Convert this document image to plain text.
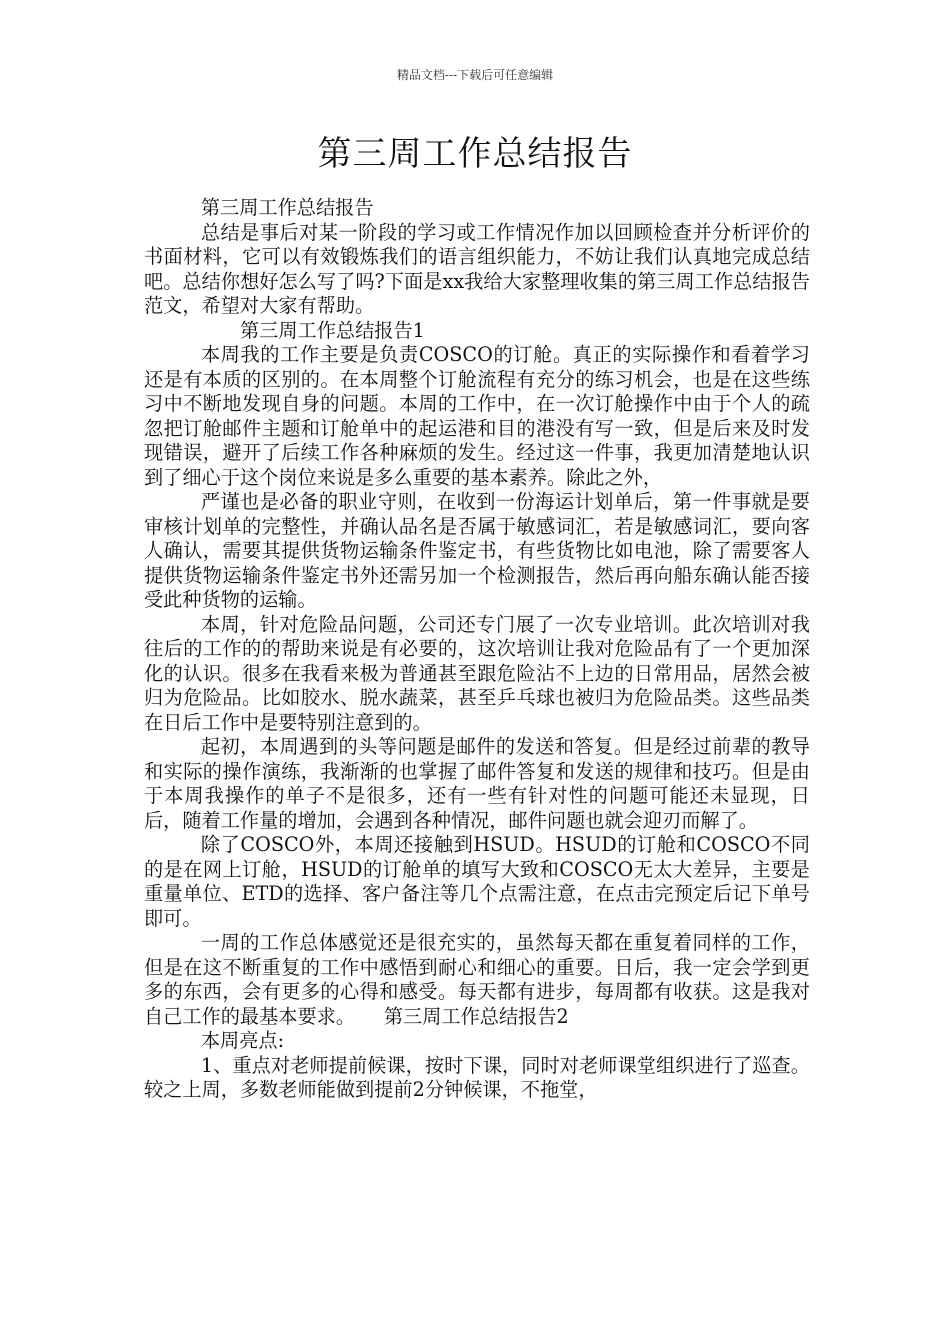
精品文档---下载后可任意编辑
第三周工作总结报告

第三周工作总结报告

总结是事后对某一阶段的学习或工作情况作加以回顾检查并分析评价的书面材料，它可以有效锻炼我们的语言组织能力，不妨让我们认真地完成总结吧。总结你想好怎么写了吗?下面是xx我给大家整理收集的第三周工作总结报告范文，希望对大家有帮助。

第三周工作总结报告1

本周我的工作主要是负责COSCO的订舱。真正的实际操作和看着学习还是有本质的区别的。在本周整个订舱流程有充分的练习机会，也是在这些练习中不断地发现自身的问题。本周的工作中，在一次订舱操作中由于个人的疏忽把订舱邮件主题和订舱单中的起运港和目的港没有写一致，但是后来及时发现错误，避开了后续工作各种麻烦的发生。经过这一件事，我更加清楚地认识到了细心于这个岗位来说是多么重要的基本素养。除此之外，

严谨也是必备的职业守则，在收到一份海运计划单后，第一件事就是要审核计划单的完整性，并确认品名是否属于敏感词汇，若是敏感词汇，要向客人确认，需要其提供货物运输条件鉴定书，有些货物比如电池，除了需要客人提供货物运输条件鉴定书外还需另加一个检测报告，然后再向船东确认能否接受此种货物的运输。

本周，针对危险品问题，公司还专门展了一次专业培训。此次培训对我往后的工作的的帮助来说是有必要的，这次培训让我对危险品有了一个更加深化的认识。很多在我看来极为普通甚至跟危险沾不上边的日常用品，居然会被归为危险品。比如胶水、脱水蔬菜，甚至乒乓球也被归为危险品类。这些品类在日后工作中是要特别注意到的。

起初，本周遇到的头等问题是邮件的发送和答复。但是经过前辈的教导和实际的操作演练，我渐渐的也掌握了邮件答复和发送的规律和技巧。但是由于本周我操作的单子不是很多，还有一些有针对性的问题可能还未显现，日后，随着工作量的增加，会遇到各种情况，邮件问题也就会迎刃而解了。

除了COSCO外，本周还接触到HSUD。HSUD的订舱和COSCO不同的是在网上订舱，HSUD的订舱单的填写大致和COSCO无太大差异，主要是重量单位、ETD的选择、客户备注等几个点需注意，在点击完预定后记下单号即可。

一周的工作总体感觉还是很充实的，虽然每天都在重复着同样的工作，但是在这不断重复的工作中感悟到耐心和细心的重要。日后，我一定会学到更多的东西，会有更多的心得和感受。每天都有进步，每周都有收获。这是我对自己工作的最基本要求。　　第三周工作总结报告2

本周亮点:

1、重点对老师提前候课，按时下课，同时对老师课堂组织进行了巡查。较之上周，多数老师能做到提前2分钟候课，不拖堂，
